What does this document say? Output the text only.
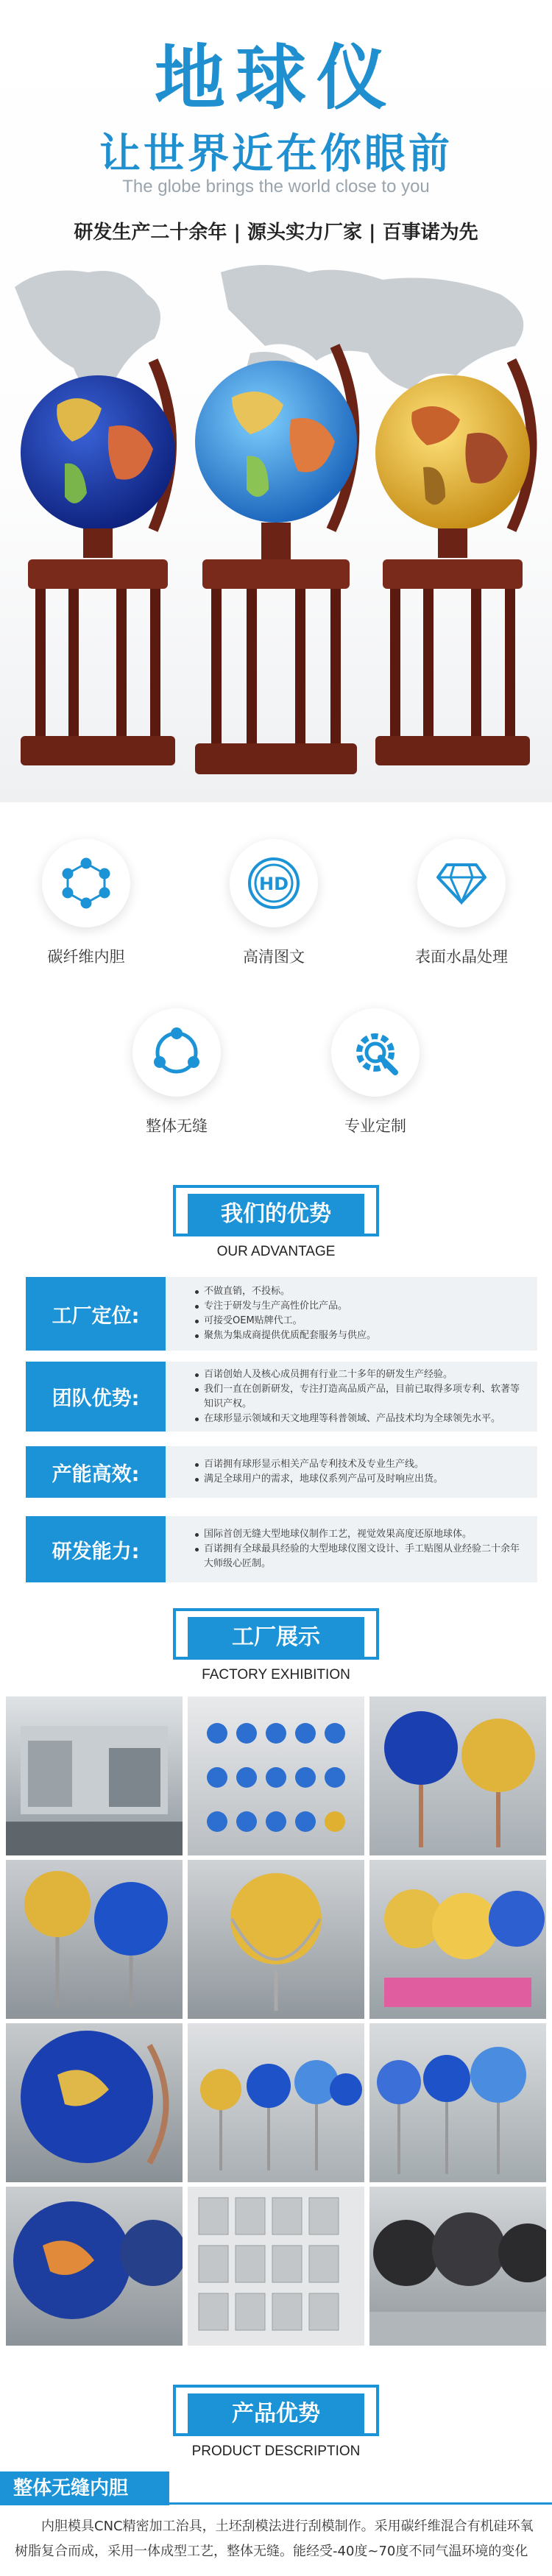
地球仪
让世界近在你眼前
The globe brings the world close to you
研发生产二十余年 | 源头实力厂家 | 百事诺为先
碳纤维内胆
HD
高清图文	表面水晶处理
整体无缝	专业定制
我们的优势
OUR ADVANTAGE
工厂定位:
不做直销，不投标。
专注于研发与生产高性价比产品。
可接受OEM贴牌代工。
聚焦为集成商提供优质配套服务与供应。
团队优势:
百诺创始人及核心成员拥有行业二十多年的研发生产经验。
我们一直在创新研发，专注打造高品质产品，目前已取得多项专利、软著等知识产权。
在球形显示领域和天文地理等科普领域、产品技术均为全球领先水平。
产能高效:	百诺拥有球形显示相关产品专利技术及专业生产线。
满足全球用户的需求，地球仪系列产品可及时响应出货。
研发能力:
国际首创无缝大型地球仪制作工艺，视觉效果高度还原地球体。
百诺拥有全球最具经验的大型地球仪图文设计、手工贴图从业经验二十余年大师级心匠制。
工厂展示
FACTORY EXHIBITION
产品优势
PRODUCT DESCRIPTION
整体无缝内胆
内胆模具CNC精密加工治具，土坯刮模法进行刮模制作。采用碳纤维混合有机硅环氧树脂复合而成，采用一体成型工艺，整体无缝。能经受-40度~70度不同气温环境的变化
